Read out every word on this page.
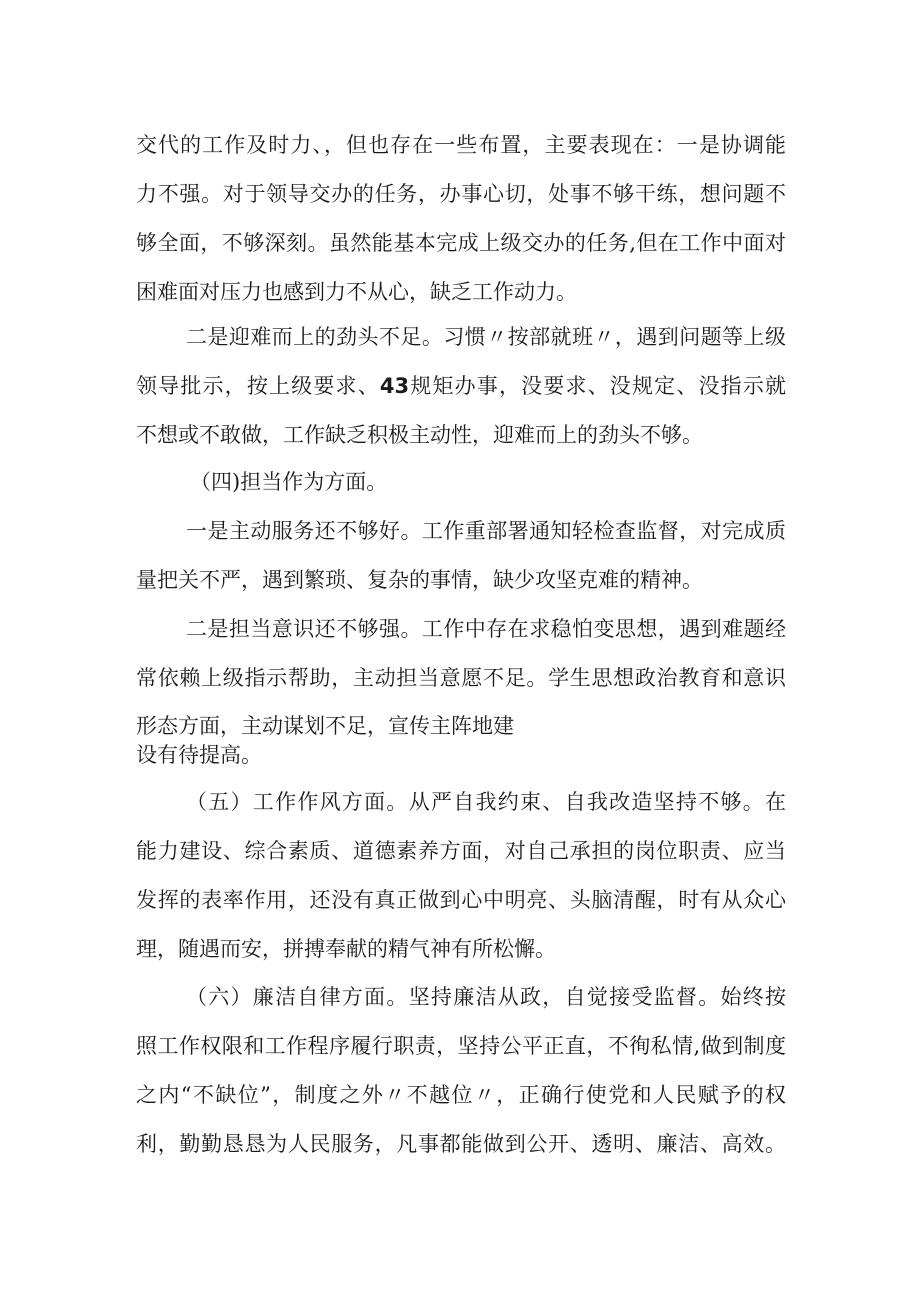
交代的工作及时力、，但也存在一些布置，主要表现在：一是协调能
力不强。对于领导交办的任务，办事心切，处事不够干练，想问题不
够全面，不够深刻。虽然能基本完成上级交办的任务,但在工作中面对
困难面对压力也感到力不从心，缺乏工作动力。
二是迎难而上的劲头不足。习惯〃按部就班〃，遇到问题等上级
领导批示，按上级要求、43规矩办事，没要求、没规定、没指示就
不想或不敢做，工作缺乏积极主动性，迎难而上的劲头不够。
（四)担当作为方面。
一是主动服务还不够好。工作重部署通知轻检查监督，对完成质
量把关不严，遇到繁琐、复杂的事情，缺少攻坚克难的精神。
二是担当意识还不够强。工作中存在求稳怕变思想，遇到难题经
常依赖上级指示帮助，主动担当意愿不足。学生思想政治教育和意识
形态方面，主动谋划不足，宣传主阵地建
设有待提高。
（五）工作作风方面。从严自我约束、自我改造坚持不够。在
能力建设、综合素质、道德素养方面，对自己承担的岗位职责、应当
发挥的表率作用，还没有真正做到心中明亮、头脑清醒，时有从众心
理，随遇而安，拼搏奉献的精气神有所松懈。
（六）廉洁自律方面。坚持廉洁从政，自觉接受监督。始终按
照工作权限和工作程序履行职责，坚持公平正直，不徇私情,做到制度
之内“不缺位”，制度之外〃不越位〃，正确行使党和人民赋予的权
利，勤勤恳恳为人民服务，凡事都能做到公开、透明、廉洁、高效。
